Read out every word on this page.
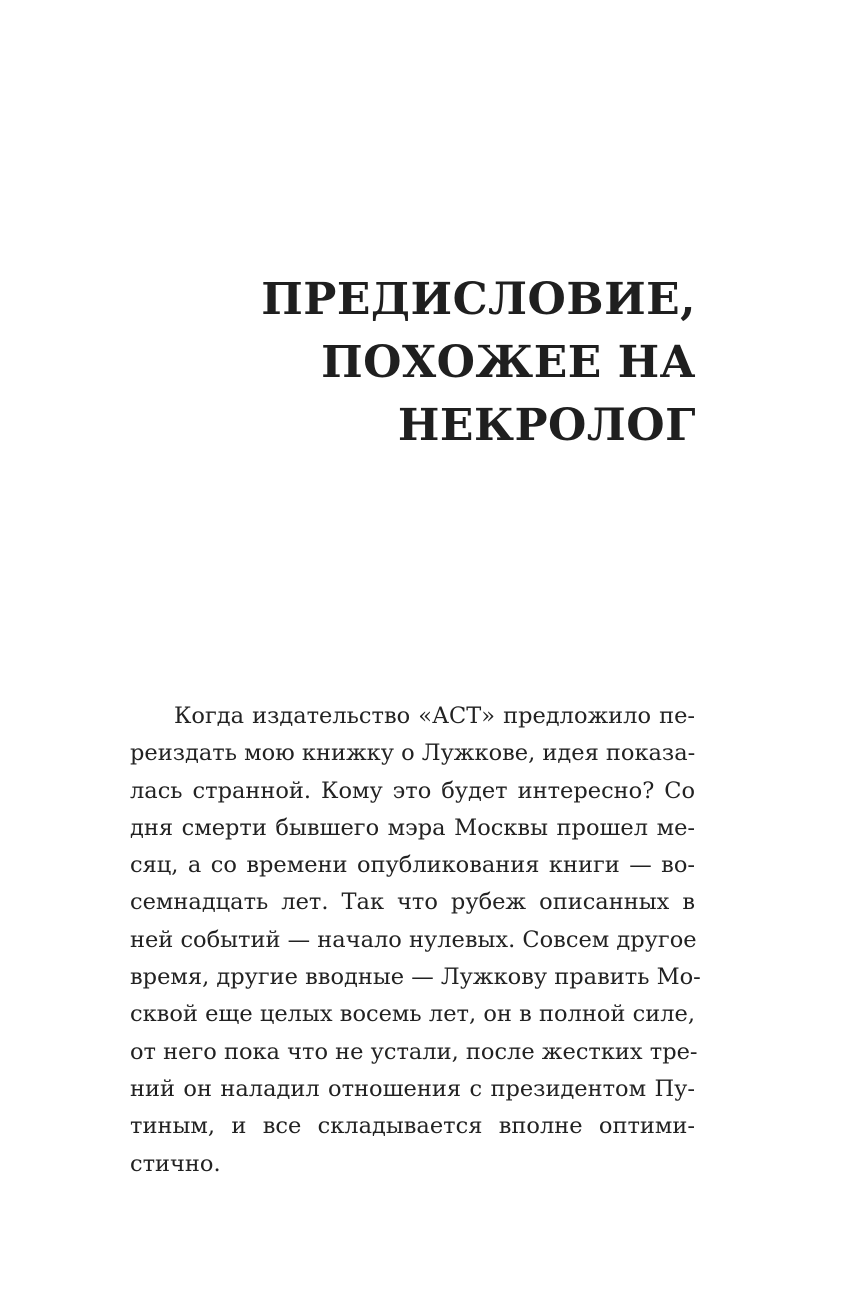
ПРЕДИСЛОВИЕ,
ПОХОЖЕЕ НА
НЕКРОЛОГ
Когда издательство «АСТ» предложило пе-
реиздать мою книжку о Лужкове, идея показа-
лась странной. Кому это будет интересно? Со
дня смерти бывшего мэра Москвы прошел ме-
сяц, а со времени опубликования книги — во-
семнадцать лет. Так что рубеж описанных в
ней событий — начало нулевых. Совсем другое
время, другие вводные — Лужкову править Мо-
сквой еще целых восемь лет, он в полной силе,
от него пока что не устали, после жестких тре-
ний он наладил отношения с президентом Пу-
тиным, и все складывается вполне оптими-
стично.
